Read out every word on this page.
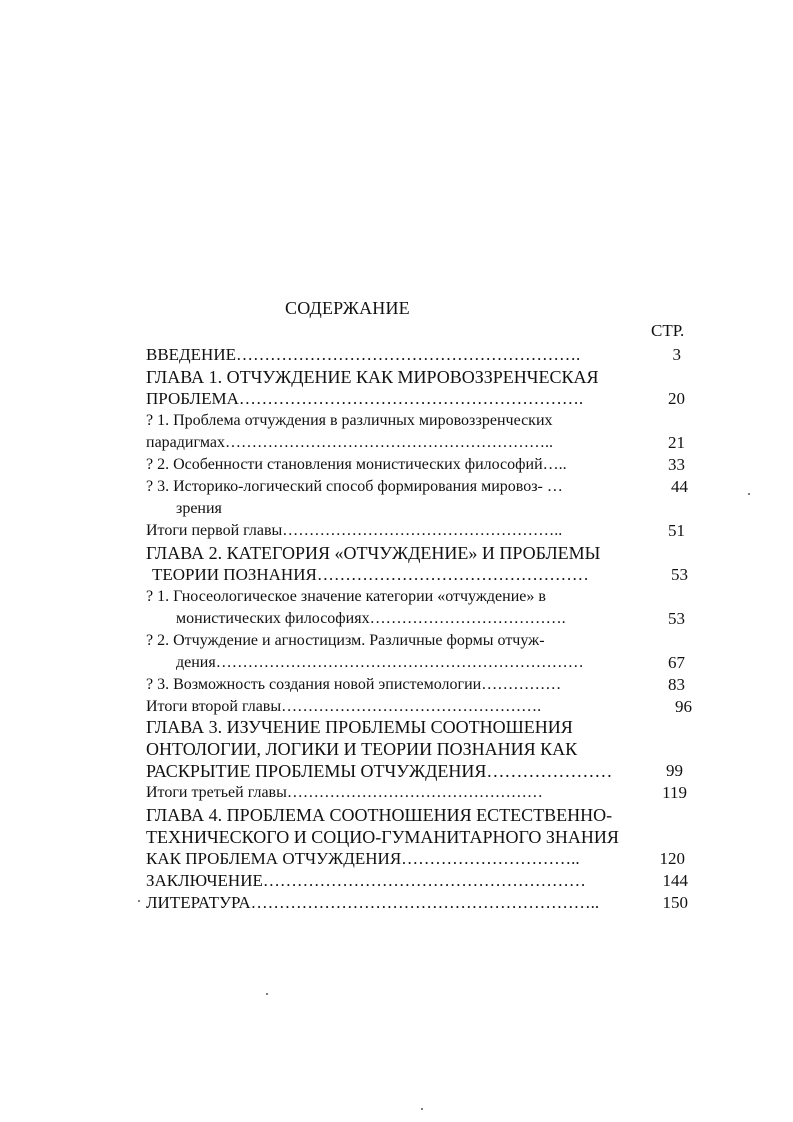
СОДЕРЖАНИЕ
СТР.
ВВЕДЕНИЕ…………………………………………………….	3
ГЛАВА 1. ОТЧУЖДЕНИЕ КАК МИРОВОЗЗРЕНЧЕСКАЯ
ПРОБЛЕМА…………………………………………………….	20
? 1. Проблема отчуждения в различных мировоззренческих
парадигмах……………………………………………………..	21
? 2. Особенности становления монистических философий…..	33
? 3. Историко-логический способ формирования мировоз- …	44
зрения
Итоги первой главы……………………………………………..	51
ГЛАВА 2. КАТЕГОРИЯ «ОТЧУЖДЕНИЕ» И ПРОБЛЕМЫ
ТЕОРИИ ПОЗНАНИЯ…………………………………………	53
? 1. Гносеологическое значение категории «отчуждение» в
монистических философиях……………………………….	53
? 2. Отчуждение и агностицизм. Различные формы отчуж-
дения……………………………………………………………	67
? 3. Возможность создания новой эпистемологии……………	83
Итоги второй главы………………………………………….	96
ГЛАВА 3. ИЗУЧЕНИЕ ПРОБЛЕМЫ СООТНОШЕНИЯ
ОНТОЛОГИИ, ЛОГИКИ И ТЕОРИИ ПОЗНАНИЯ КАК
РАСКРЫТИЕ ПРОБЛЕМЫ ОТЧУЖДЕНИЯ…………………	99
Итоги третьей главы…………………………………………	119
ГЛАВА 4. ПРОБЛЕМА СООТНОШЕНИЯ ЕСТЕСТВЕННО-
ТЕХНИЧЕСКОГО И СОЦИО-ГУМАНИТАРНОГО ЗНАНИЯ
КАК ПРОБЛЕМА ОТЧУЖДЕНИЯ…………………………..	120
ЗАКЛЮЧЕНИЕ…………………………………………………	144
ЛИТЕРАТУРА……………………………………………………..	150
